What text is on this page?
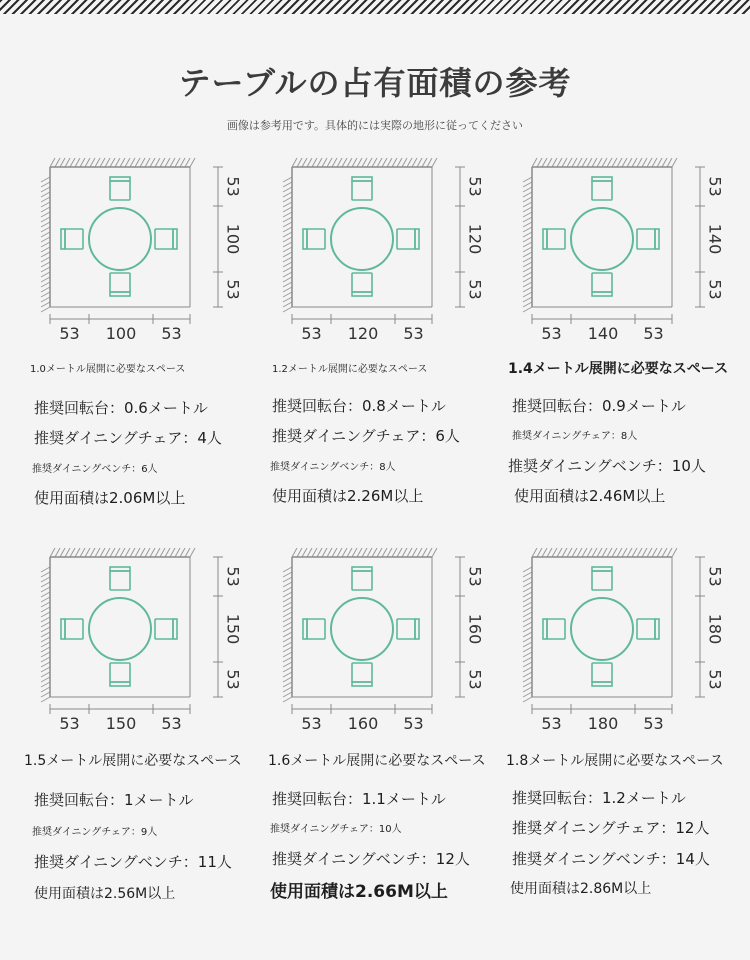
テーブルの占有面積の参考
画像は参考用です。具体的には実際の地形に従ってください
53
100
53
53 100 53
1.0メートル展開に必要なスペース
推奨回転台：0.6メートル
推奨ダイニングチェア：4人
推奨ダイニングベンチ：6人
使用面積は2.06M以上
53
120
53
53 120 53
1.2メートル展開に必要なスペース
推奨回転台：0.8メートル
推奨ダイニングチェア：6人
推奨ダイニングベンチ：8人
使用面積は2.26M以上
53
140
53
53 140 53
1.4メートル展開に必要なスペース
推奨回転台：0.9メートル
推奨ダイニングチェア：8人
推奨ダイニングベンチ：10人
使用面積は2.46M以上
53
150
53
53 150 53
1.5メートル展開に必要なスペース
推奨回転台：1メートル
推奨ダイニングチェア：9人
推奨ダイニングベンチ：11人
使用面積は2.56M以上
53
160
53
53 160 53
1.6メートル展開に必要なスペース
推奨回転台：1.1メートル
推奨ダイニングチェア：10人
推奨ダイニングベンチ：12人
使用面積は2.66M以上
53
180
53
53 180 53
1.8メートル展開に必要なスペース
推奨回転台：1.2メートル
推奨ダイニングチェア：12人
推奨ダイニングベンチ：14人
使用面積は2.86M以上
